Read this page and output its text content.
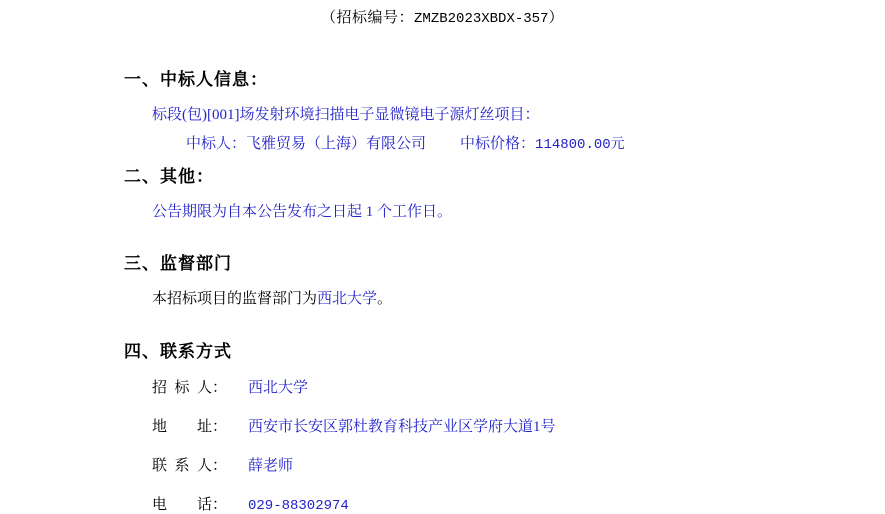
（招标编号：ZMZB2023XBDX-357）
一、中标人信息：
标段(包)[001]场发射环境扫描电子显微镜电子源灯丝项目：
中标人： 飞雅贸易（上海）有限公司 中标价格： 114800.00元
二、其他：
公告期限为自本公告发布之日起 1 个工作日。
三、监督部门
本招标项目的监督部门为西北大学。
四、联系方式
招  标  人：	西北大学
地        址：	西安市长安区郭杜教育科技产业区学府大道1号
联  系  人：	薛老师
电        话：	029-88302974
